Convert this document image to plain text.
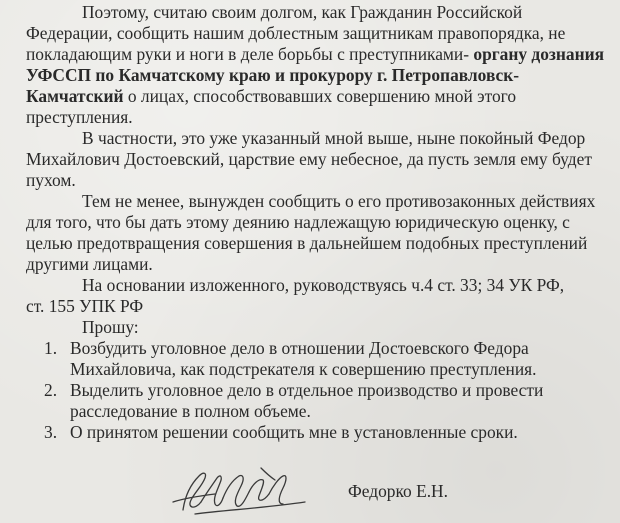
Поэтому, считаю своим долгом, как Гражданин Российской
Федерации, сообщить нашим доблестным защитникам правопорядка, не
покладающим руки и ноги в деле борьбы с преступниками- органу дознания
УФССП по Камчатскому краю и прокурору г. Петропавловск-
Камчатский о лицах, способствовавших совершению мной этого
преступления.
В частности, это уже указанный мной выше, ныне покойный Федор
Михайлович Достоевский, царствие ему небесное, да пусть земля ему будет
пухом.
Тем не менее, вынужден сообщить о его противозаконных действиях
для того, что бы дать этому деянию надлежащую юридическую оценку, с
целью предотвращения совершения в дальнейшем подобных преступлений
другими лицами.
На основании изложенного, руководствуясь ч.4 ст. 33; 34 УК РФ,
ст. 155 УПК РФ
Прошу:
1. Возбудить уголовное дело в отношении Достоевского Федора
Михайловича, как подстрекателя к совершению преступления.
2. Выделить уголовное дело в отдельное производство и провести
расследование в полном объеме.
3. О принятом решении сообщить мне в установленные сроки.
Федорко Е.Н.
